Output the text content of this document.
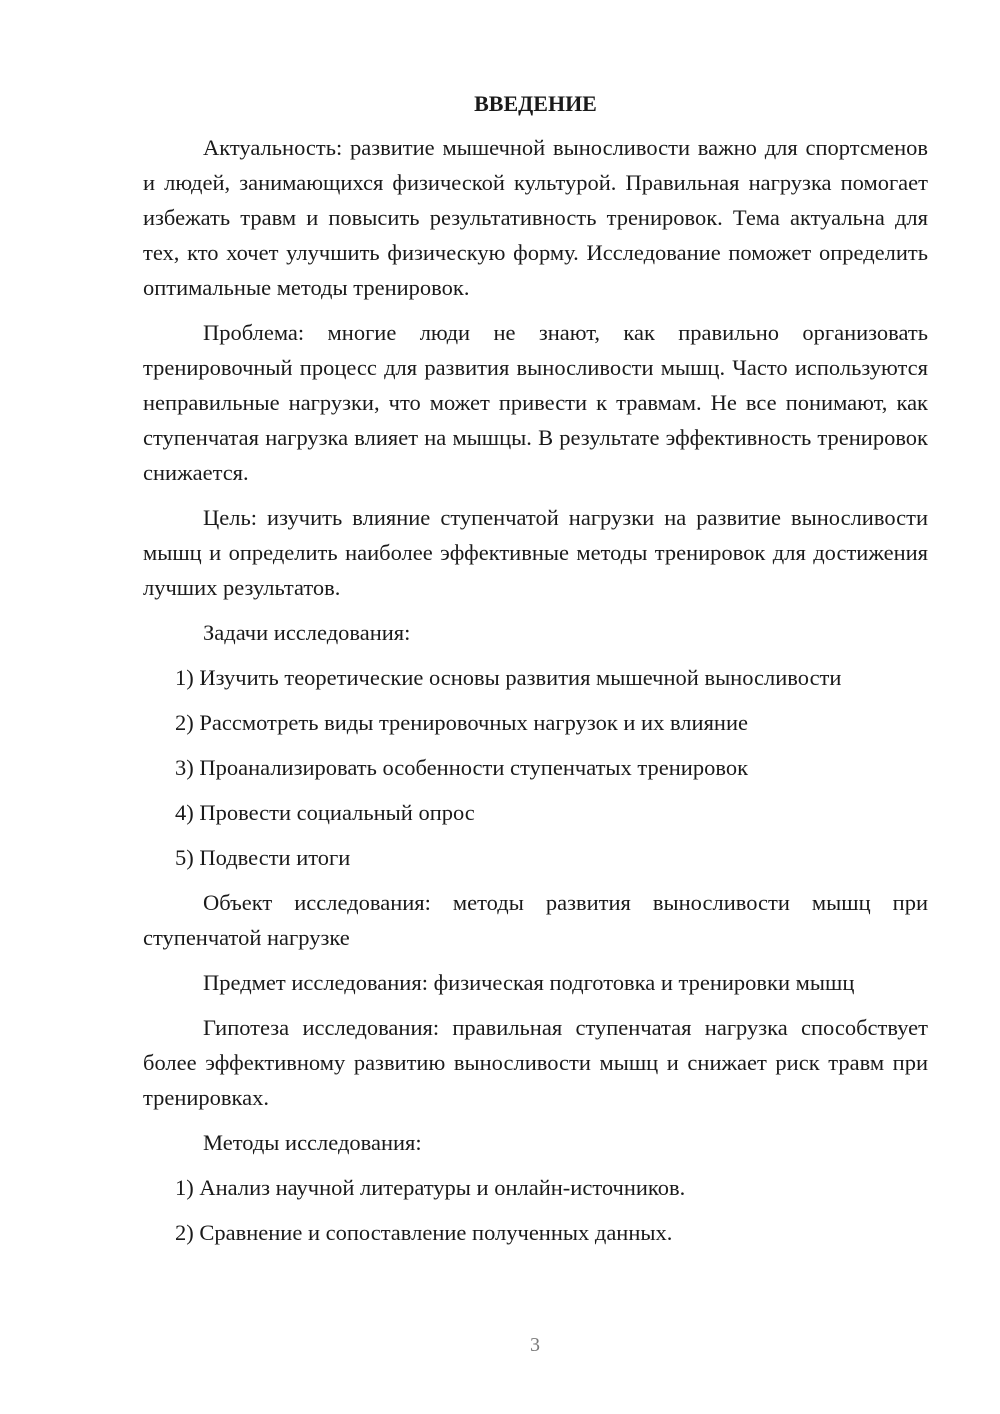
ВВЕДЕНИЕ

Актуальность: развитие мышечной выносливости важно для спортсменов и людей, занимающихся физической культурой. Правильная нагрузка помогает избежать травм и повысить результативность тренировок. Тема актуальна для тех, кто хочет улучшить физическую форму. Исследование поможет определить оптимальные методы тренировок.

Проблема: многие люди не знают, как правильно организовать тренировочный процесс для развития выносливости мышц. Часто используются неправильные нагрузки, что может привести к травмам. Не все понимают, как ступенчатая нагрузка влияет на мышцы. В результате эффективность тренировок снижается.

Цель: изучить влияние ступенчатой нагрузки на развитие выносливости мышц и определить наиболее эффективные методы тренировок для достижения лучших результатов.

Задачи исследования:

1) Изучить теоретические основы развития мышечной выносливости
2) Рассмотреть виды тренировочных нагрузок и их влияние
3) Проанализировать особенности ступенчатых тренировок
4) Провести социальный опрос
5) Подвести итоги

Объект исследования: методы развития выносливости мышц при ступенчатой нагрузке

Предмет исследования: физическая подготовка и тренировки мышц

Гипотеза исследования: правильная ступенчатая нагрузка способствует более эффективному развитию выносливости мышц и снижает риск травм при тренировках.

Методы исследования:

1) Анализ научной литературы и онлайн-источников.
2) Сравнение и сопоставление полученных данных.
3
